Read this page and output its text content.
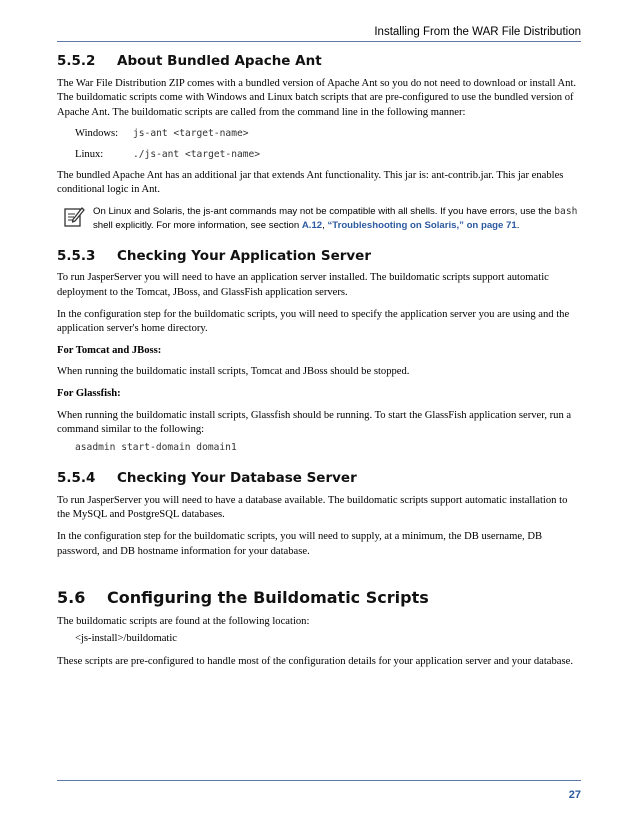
Installing From the WAR File Distribution
5.5.2	About Bundled Apache Ant

The War File Distribution ZIP comes with a bundled version of Apache Ant so you do not need to download or install Ant. The buildomatic scripts come with Windows and Linux batch scripts that are pre-configured to use the bundled version of Apache Ant. The buildomatic scripts are called from the command line in the following manner:

Windows:	js-ant <target-name>
Linux:	./js-ant <target-name>

The bundled Apache Ant has an additional jar that extends Ant functionality. This jar is: ant-contrib.jar. This jar enables conditional logic in Ant.

On Linux and Solaris, the js-ant commands may not be compatible with all shells. If you have errors, use the bash shell explicitly. For more information, see section A.12, “Troubleshooting on Solaris,” on page 71.
5.5.3	Checking Your Application Server

To run JasperServer you will need to have an application server installed. The buildomatic scripts support automatic deployment to the Tomcat, JBoss, and GlassFish application servers.

In the configuration step for the buildomatic scripts, you will need to specify the application server you are using and the application server's home directory.

For Tomcat and JBoss:

When running the buildomatic install scripts, Tomcat and JBoss should be stopped.

For Glassfish:

When running the buildomatic install scripts, Glassfish should be running. To start the GlassFish application server, run a command similar to the following:

asadmin start-domain domain1
5.5.4	Checking Your Database Server

To run JasperServer you will need to have a database available. The buildomatic scripts support automatic installation to the MySQL and PostgreSQL databases.

In the configuration step for the buildomatic scripts, you will need to supply, at a minimum, the DB username, DB password, and DB hostname information for your database.

5.6	Configuring the Buildomatic Scripts

The buildomatic scripts are found at the following location:

<js-install>/buildomatic

These scripts are pre-configured to handle most of the configuration details for your application server and your database.

27
